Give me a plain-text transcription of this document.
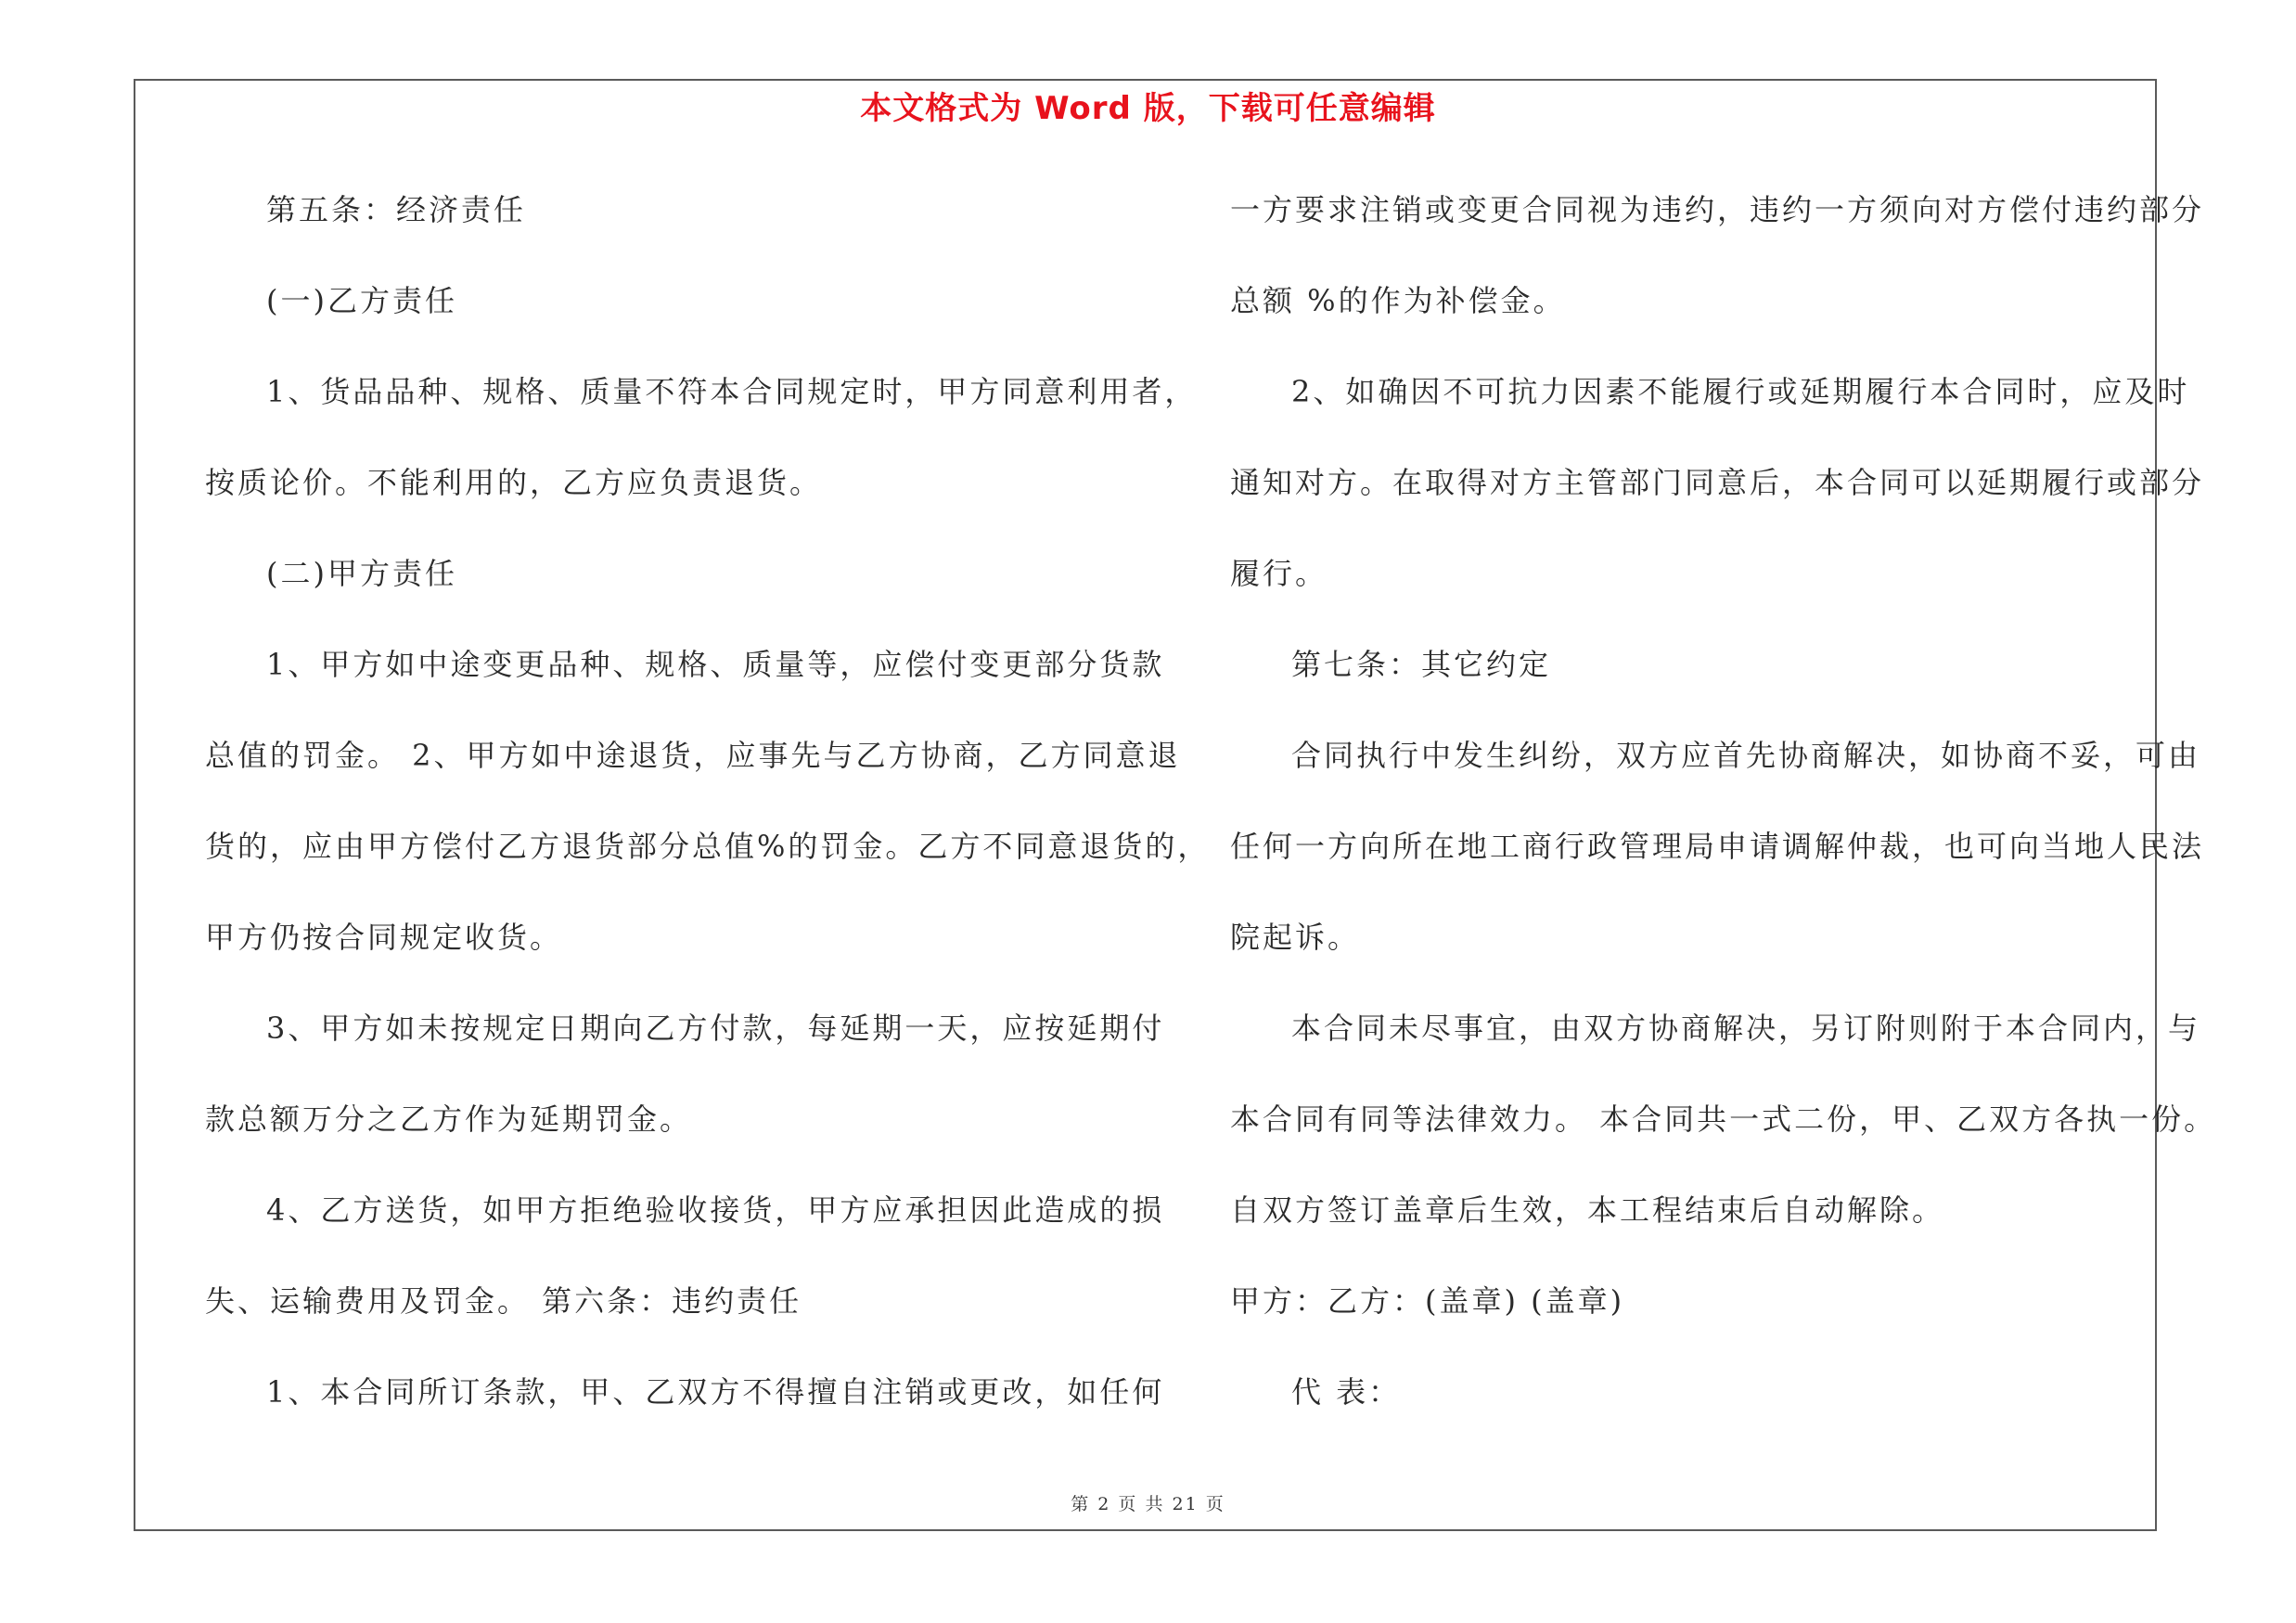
本文格式为 Word 版，下载可任意编辑
第五条：经济责任
(一)乙方责任
1、货品品种、规格、质量不符本合同规定时，甲方同意利用者，
按质论价。不能利用的，乙方应负责退货。
(二)甲方责任
1、甲方如中途变更品种、规格、质量等，应偿付变更部分货款
总值的罚金。 2、甲方如中途退货，应事先与乙方协商，乙方同意退
货的，应由甲方偿付乙方退货部分总值%的罚金。乙方不同意退货的，
甲方仍按合同规定收货。
3、甲方如未按规定日期向乙方付款，每延期一天，应按延期付
款总额万分之乙方作为延期罚金。
4、乙方送货，如甲方拒绝验收接货，甲方应承担因此造成的损
失、运输费用及罚金。 第六条：违约责任
1、本合同所订条款，甲、乙双方不得擅自注销或更改，如任何
一方要求注销或变更合同视为违约，违约一方须向对方偿付违约部分
总额 %的作为补偿金。
2、如确因不可抗力因素不能履行或延期履行本合同时，应及时
通知对方。在取得对方主管部门同意后，本合同可以延期履行或部分
履行。
第七条：其它约定
合同执行中发生纠纷，双方应首先协商解决，如协商不妥，可由
任何一方向所在地工商行政管理局申请调解仲裁，也可向当地人民法
院起诉。
本合同未尽事宜，由双方协商解决，另订附则附于本合同内，与
本合同有同等法律效力。 本合同共一式二份，甲、乙双方各执一份。
自双方签订盖章后生效，本工程结束后自动解除。
甲方：乙方：(盖章) (盖章)
代 表：
第 2 页 共 21 页
